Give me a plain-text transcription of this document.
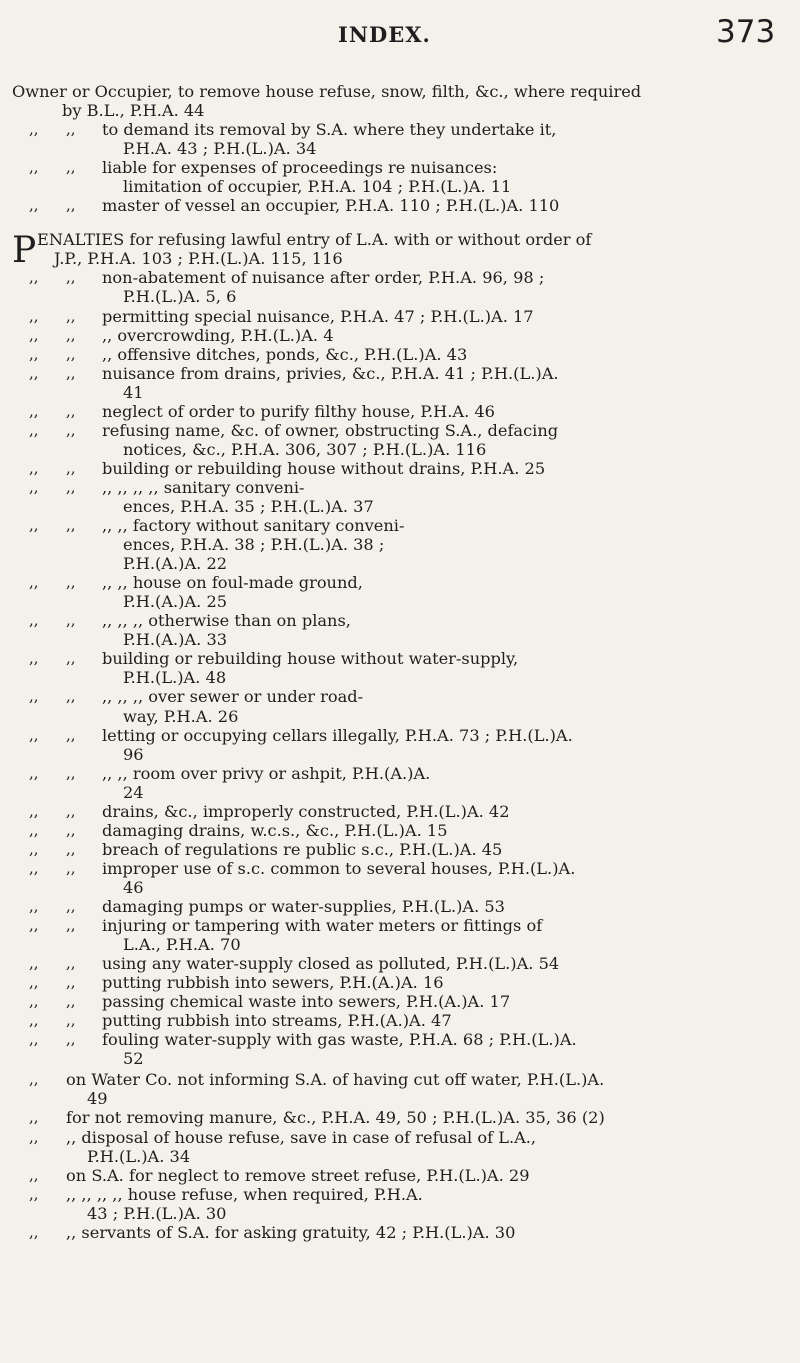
INDEX.	373
Owner or Occupier, to remove house refuse, snow, filth, &c., where required
by B.L., P.H.A. 44
,, ,,	to demand its removal by S.A. where they undertake it,
P.H.A. 43 ; P.H.(L.)A. 34
,, ,,	liable for expenses of proceedings re nuisances:
limitation of occupier, P.H.A. 104 ; P.H.(L.)A. 11
,, ,,	master of vessel an occupier, P.H.A. 110 ; P.H.(L.)A. 110
P ENALTIES for refusing lawful entry of L.A. with or without order of
J.P., P.H.A. 103 ; P.H.(L.)A. 115, 116
,,	non-abatement of nuisance after order, P.H.A. 96, 98 ;
P.H.(L.)A. 5, 6
,,
,,	permitting special nuisance, P.H.A. 47 ; P.H.(L.)A. 17
,,
,,	,, overcrowding, P.H.(L.)A. 4
,,
,,	,, offensive ditches, ponds, &c., P.H.(L.)A. 43
,,
,,	nuisance from drains, privies, &c., P.H.A. 41 ; P.H.(L.)A.
41
,,
,,	neglect of order to purify filthy house, P.H.A. 46
,,
,,	refusing name, &c. of owner, obstructing S.A., defacing
notices, &c., P.H.A. 306, 307 ; P.H.(L.)A. 116
,,
,,	building or rebuilding house without drains, P.H.A. 25
,,
,,	,, ,, ,, ,, sanitary conveni-
ences, P.H.A. 35 ; P.H.(L.)A. 37
,,
,,	,, ,, factory without sanitary conveni-
ences, P.H.A. 38 ; P.H.(L.)A. 38 ;
P.H.(A.)A. 22
,,
,,	,, ,, house on foul-made ground,
P.H.(A.)A. 25
,,
,,	,, ,, ,, otherwise than on plans,
P.H.(A.)A. 33
,,
,,	building or rebuilding house without water-supply,
P.H.(L.)A. 48
,,
,,	,, ,, ,, over sewer or under road-
way, P.H.A. 26
,,
,,	letting or occupying cellars illegally, P.H.A. 73 ; P.H.(L.)A.
96
,,
,,	,, ,, room over privy or ashpit, P.H.(A.)A.
24
,,
,,	drains, &c., improperly constructed, P.H.(L.)A. 42
,,
,,	damaging drains, w.c.s., &c., P.H.(L.)A. 15
,,
,,	breach of regulations re public s.c., P.H.(L.)A. 45
,,
,,	improper use of s.c. common to several houses, P.H.(L.)A.
46
,,
,,	damaging pumps or water-supplies, P.H.(L.)A. 53
,,
,,	injuring or tampering with water meters or fittings of
L.A., P.H.A. 70
,,
,,	using any water-supply closed as polluted, P.H.(L.)A. 54
,,
,,	putting rubbish into sewers, P.H.(A.)A. 16
,,
,,	passing chemical waste into sewers, P.H.(A.)A. 17
,,
,,	putting rubbish into streams, P.H.(A.)A. 47
,,
,,	fouling water-supply with gas waste, P.H.A. 68 ; P.H.(L.)A.
52
,,
,,	on Water Co. not informing S.A. of having cut off water, P.H.(L.)A.
49
,,	for not removing manure, &c., P.H.A. 49, 50 ; P.H.(L.)A. 35, 36 (2)
,,	,, disposal of house refuse, save in case of refusal of L.A.,
P.H.(L.)A. 34
,,	on S.A. for neglect to remove street refuse, P.H.(L.)A. 29
,,	,, ,, ,, ,, house refuse, when required, P.H.A.
43 ; P.H.(L.)A. 30
,,	,, servants of S.A. for asking gratuity, 42 ; P.H.(L.)A. 30
